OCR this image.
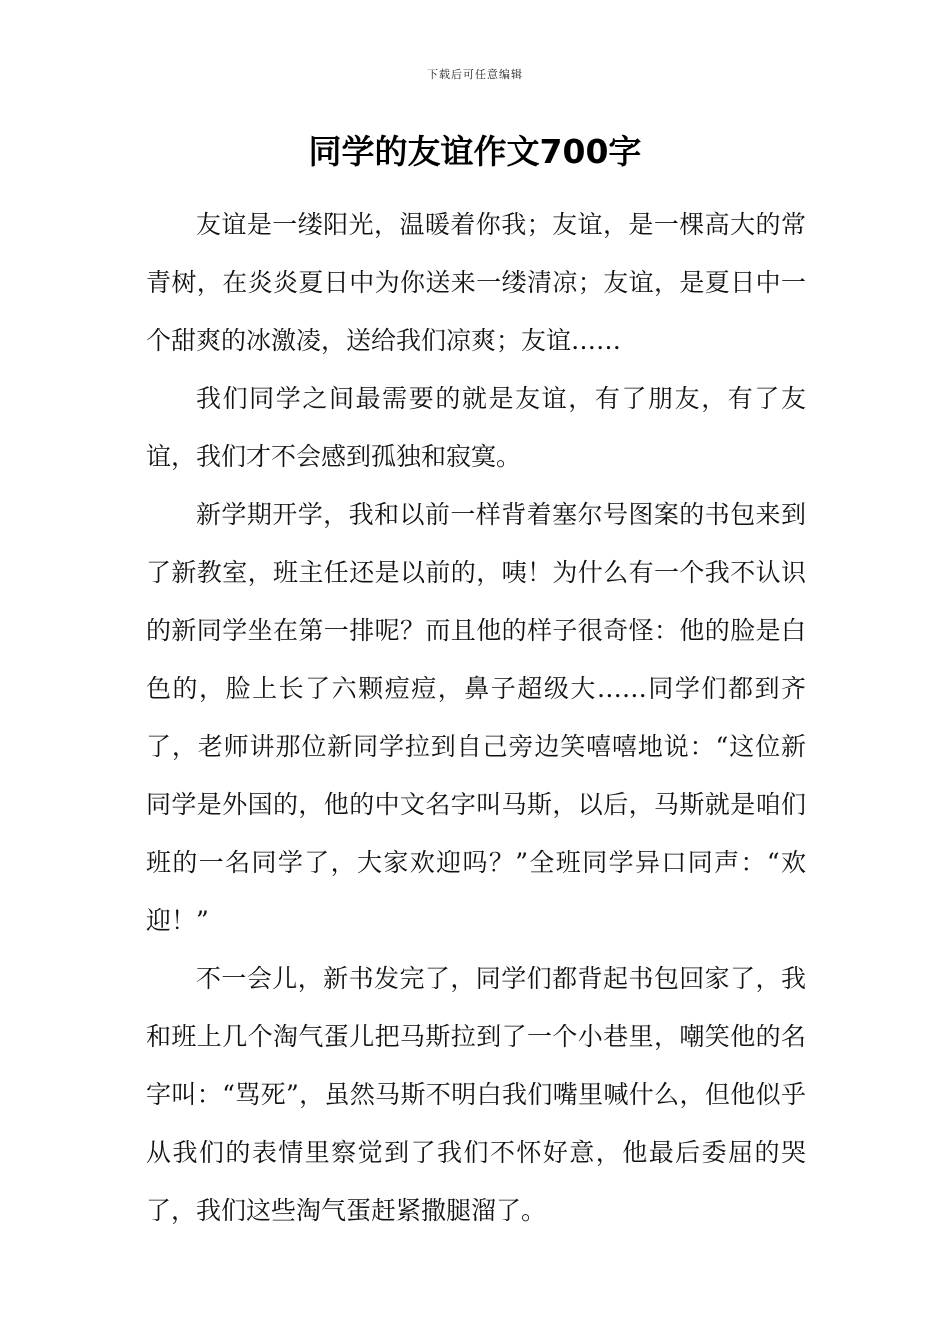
下载后可任意编辑
同学的友谊作文700字

友谊是一缕阳光，温暖着你我；友谊，是一棵高大的常青树，在炎炎夏日中为你送来一缕清凉；友谊，是夏日中一个甜爽的冰激凌，送给我们凉爽；友谊……

我们同学之间最需要的就是友谊，有了朋友，有了友谊，我们才不会感到孤独和寂寞。

新学期开学，我和以前一样背着塞尔号图案的书包来到了新教室，班主任还是以前的，咦！为什么有一个我不认识的新同学坐在第一排呢？而且他的样子很奇怪：他的脸是白色的，脸上长了六颗痘痘，鼻子超级大……同学们都到齐了，老师讲那位新同学拉到自己旁边笑嘻嘻地说：“这位新同学是外国的，他的中文名字叫马斯，以后，马斯就是咱们班的一名同学了，大家欢迎吗？”全班同学异口同声：“欢迎！”

不一会儿，新书发完了，同学们都背起书包回家了，我和班上几个淘气蛋儿把马斯拉到了一个小巷里，嘲笑他的名字叫：“骂死”，虽然马斯不明白我们嘴里喊什么，但他似乎从我们的表情里察觉到了我们不怀好意，他最后委屈的哭了，我们这些淘气蛋赶紧撒腿溜了。
